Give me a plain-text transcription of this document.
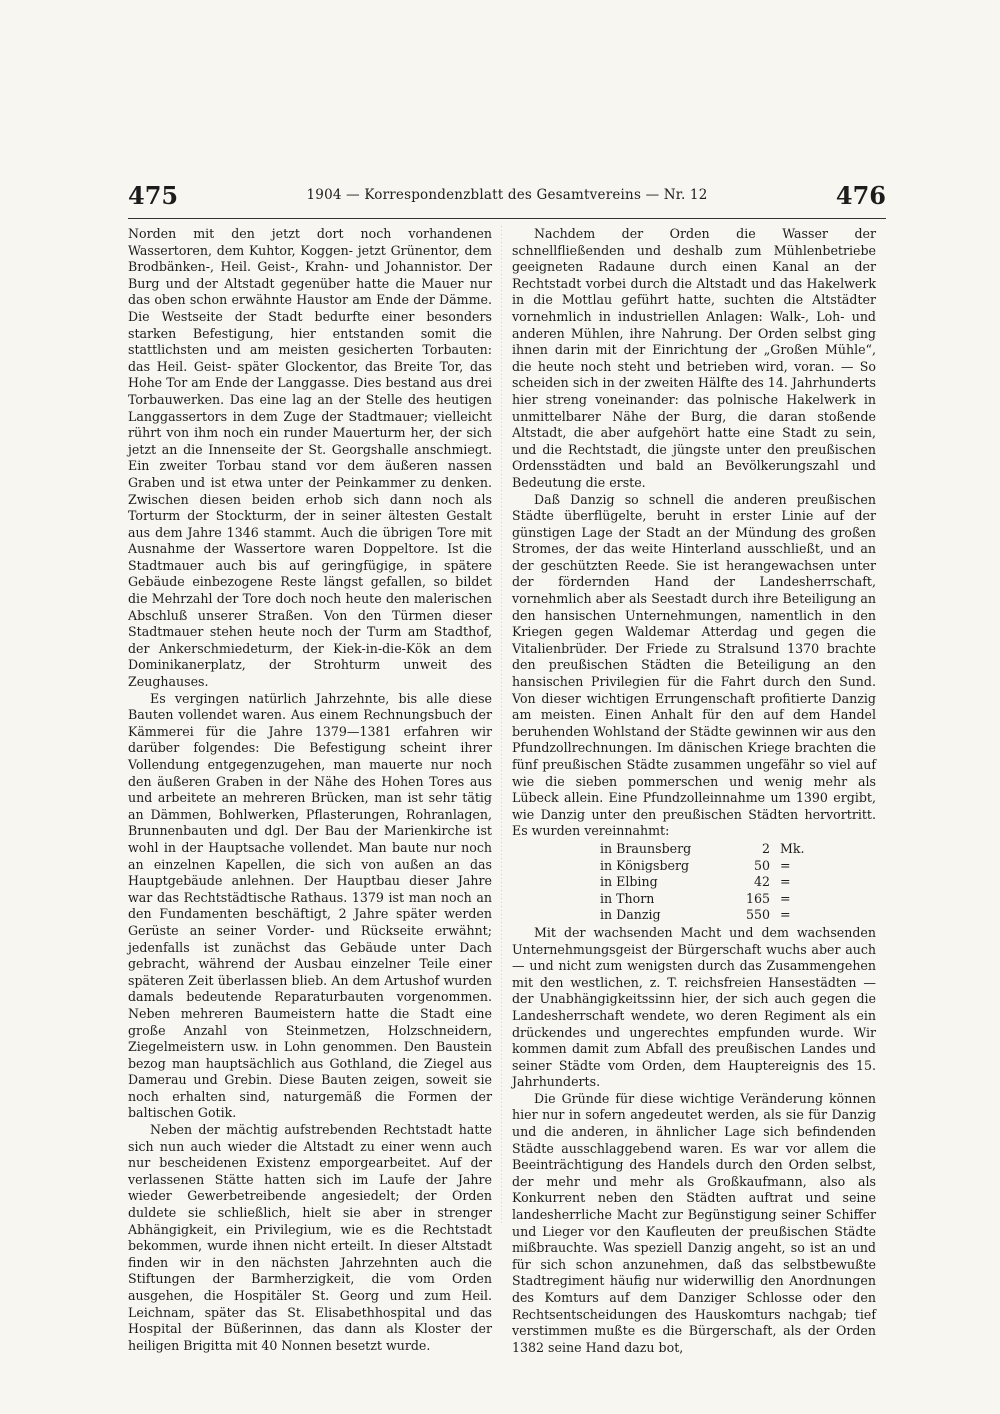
475	1904 — Korrespondenzblatt des Gesamtvereins — Nr. 12	476

Norden mit den jetzt dort noch vorhandenen Wassertoren, dem Kuhtor, Koggen- jetzt Grünentor, dem Brodbänken-, Heil. Geist-, Krahn- und Johannistor. Der Burg und der Altstadt gegenüber hatte die Mauer nur das oben schon erwähnte Haustor am Ende der Dämme. Die Westseite der Stadt bedurfte einer besonders starken Befestigung, hier entstanden somit die stattlichsten und am meisten gesicherten Torbauten: das Heil. Geist- später Glockentor, das Breite Tor, das Hohe Tor am Ende der Langgasse. Dies bestand aus drei Torbauwerken. Das eine lag an der Stelle des heutigen Langgassertors in dem Zuge der Stadtmauer; vielleicht rührt von ihm noch ein runder Mauerturm her, der sich jetzt an die Innenseite der St. Georgshalle anschmiegt. Ein zweiter Torbau stand vor dem äußeren nassen Graben und ist etwa unter der Peinkammer zu denken. Zwischen diesen beiden erhob sich dann noch als Torturm der Stockturm, der in seiner ältesten Gestalt aus dem Jahre 1346 stammt. Auch die übrigen Tore mit Ausnahme der Wassertore waren Doppeltore. Ist die Stadtmauer auch bis auf geringfügige, in spätere Gebäude einbezogene Reste längst gefallen, so bildet die Mehrzahl der Tore doch noch heute den malerischen Abschluß unserer Straßen. Von den Türmen dieser Stadtmauer stehen heute noch der Turm am Stadthof, der Ankerschmiedeturm, der Kiek-in-die-Kök an dem Dominikanerplatz, der Strohturm unweit des Zeughauses.

Es vergingen natürlich Jahrzehnte, bis alle diese Bauten vollendet waren. Aus einem Rechnungsbuch der Kämmerei für die Jahre 1379—1381 erfahren wir darüber folgendes: Die Befestigung scheint ihrer Vollendung entgegenzugehen, man mauerte nur noch den äußeren Graben in der Nähe des Hohen Tores aus und arbeitete an mehreren Brücken, man ist sehr tätig an Dämmen, Bohlwerken, Pflasterungen, Rohranlagen, Brunnenbauten und dgl. Der Bau der Marienkirche ist wohl in der Hauptsache vollendet. Man baute nur noch an einzelnen Kapellen, die sich von außen an das Hauptgebäude anlehnen. Der Hauptbau dieser Jahre war das Rechtstädtische Rathaus. 1379 ist man noch an den Fundamenten beschäftigt, 2 Jahre später werden Gerüste an seiner Vorder- und Rückseite erwähnt; jedenfalls ist zunächst das Gebäude unter Dach gebracht, während der Ausbau einzelner Teile einer späteren Zeit überlassen blieb. An dem Artushof wurden damals bedeutende Reparaturbauten vorgenommen. Neben mehreren Baumeistern hatte die Stadt eine große Anzahl von Steinmetzen, Holzschneidern, Ziegelmeistern usw. in Lohn genommen. Den Baustein bezog man hauptsächlich aus Gothland, die Ziegel aus Damerau und Grebin. Diese Bauten zeigen, soweit sie noch erhalten sind, naturgemäß die Formen der baltischen Gotik.

Neben der mächtig aufstrebenden Rechtstadt hatte sich nun auch wieder die Altstadt zu einer wenn auch nur bescheidenen Existenz emporgearbeitet. Auf der verlassenen Stätte hatten sich im Laufe der Jahre wieder Gewerbetreibende angesiedelt; der Orden duldete sie schließlich, hielt sie aber in strenger Abhängigkeit, ein Privilegium, wie es die Rechtstadt bekommen, wurde ihnen nicht erteilt. In dieser Altstadt finden wir in den nächsten Jahrzehnten auch die Stiftungen der Barmherzigkeit, die vom Orden ausgehen, die Hospitäler St. Georg und zum Heil. Leichnam, später das St. Elisabethhospital und das Hospital der Büßerinnen, das dann als Kloster der heiligen Brigitta mit 40 Nonnen besetzt wurde.

Nachdem der Orden die Wasser der schnellfließenden und deshalb zum Mühlenbetriebe geeigneten Radaune durch einen Kanal an der Rechtstadt vorbei durch die Altstadt und das Hakelwerk in die Mottlau geführt hatte, suchten die Altstädter vornehmlich in industriellen Anlagen: Walk-, Loh- und anderen Mühlen, ihre Nahrung. Der Orden selbst ging ihnen darin mit der Einrichtung der „Großen Mühle“, die heute noch steht und betrieben wird, voran. — So scheiden sich in der zweiten Hälfte des 14. Jahrhunderts hier streng voneinander: das polnische Hakelwerk in unmittelbarer Nähe der Burg, die daran stoßende Altstadt, die aber aufgehört hatte eine Stadt zu sein, und die Rechtstadt, die jüngste unter den preußischen Ordensstädten und bald an Bevölkerungszahl und Bedeutung die erste.

Daß Danzig so schnell die anderen preußischen Städte überflügelte, beruht in erster Linie auf der günstigen Lage der Stadt an der Mündung des großen Stromes, der das weite Hinterland ausschließt, und an der geschützten Reede. Sie ist herangewachsen unter der fördernden Hand der Landesherrschaft, vornehmlich aber als Seestadt durch ihre Beteiligung an den hansischen Unternehmungen, namentlich in den Kriegen gegen Waldemar Atterdag und gegen die Vitalienbrüder. Der Friede zu Stralsund 1370 brachte den preußischen Städten die Beteiligung an den hansischen Privilegien für die Fahrt durch den Sund. Von dieser wichtigen Errungenschaft profitierte Danzig am meisten. Einen Anhalt für den auf dem Handel beruhenden Wohlstand der Städte gewinnen wir aus den Pfundzollrechnungen. Im dänischen Kriege brachten die fünf preußischen Städte zusammen ungefähr so viel auf wie die sieben pommerschen und wenig mehr als Lübeck allein. Eine Pfundzolleinnahme um 1390 ergibt, wie Danzig unter den preußischen Städten hervortritt. Es wurden vereinnahmt:

in Braunsberg	2	Mk.
in Königsberg	50	=
in Elbing	42	=
in Thorn	165	=
in Danzig	550	=

Mit der wachsenden Macht und dem wachsenden Unternehmungsgeist der Bürgerschaft wuchs aber auch — und nicht zum wenigsten durch das Zusammengehen mit den westlichen, z. T. reichsfreien Hansestädten — der Unabhängigkeitssinn hier, der sich auch gegen die Landesherrschaft wendete, wo deren Regiment als ein drückendes und ungerechtes empfunden wurde. Wir kommen damit zum Abfall des preußischen Landes und seiner Städte vom Orden, dem Hauptereignis des 15. Jahrhunderts.

Die Gründe für diese wichtige Veränderung können hier nur in sofern angedeutet werden, als sie für Danzig und die anderen, in ähnlicher Lage sich befindenden Städte ausschlaggebend waren. Es war vor allem die Beeinträchtigung des Handels durch den Orden selbst, der mehr und mehr als Großkaufmann, also als Konkurrent neben den Städten auftrat und seine landesherrliche Macht zur Begünstigung seiner Schiffer und Lieger vor den Kaufleuten der preußischen Städte mißbrauchte. Was speziell Danzig angeht, so ist an und für sich schon anzunehmen, daß das selbstbewußte Stadtregiment häufig nur widerwillig den Anordnungen des Komturs auf dem Danziger Schlosse oder den Rechtsentscheidungen des Hauskomturs nachgab; tief verstimmen mußte es die Bürgerschaft, als der Orden 1382 seine Hand dazu bot,
